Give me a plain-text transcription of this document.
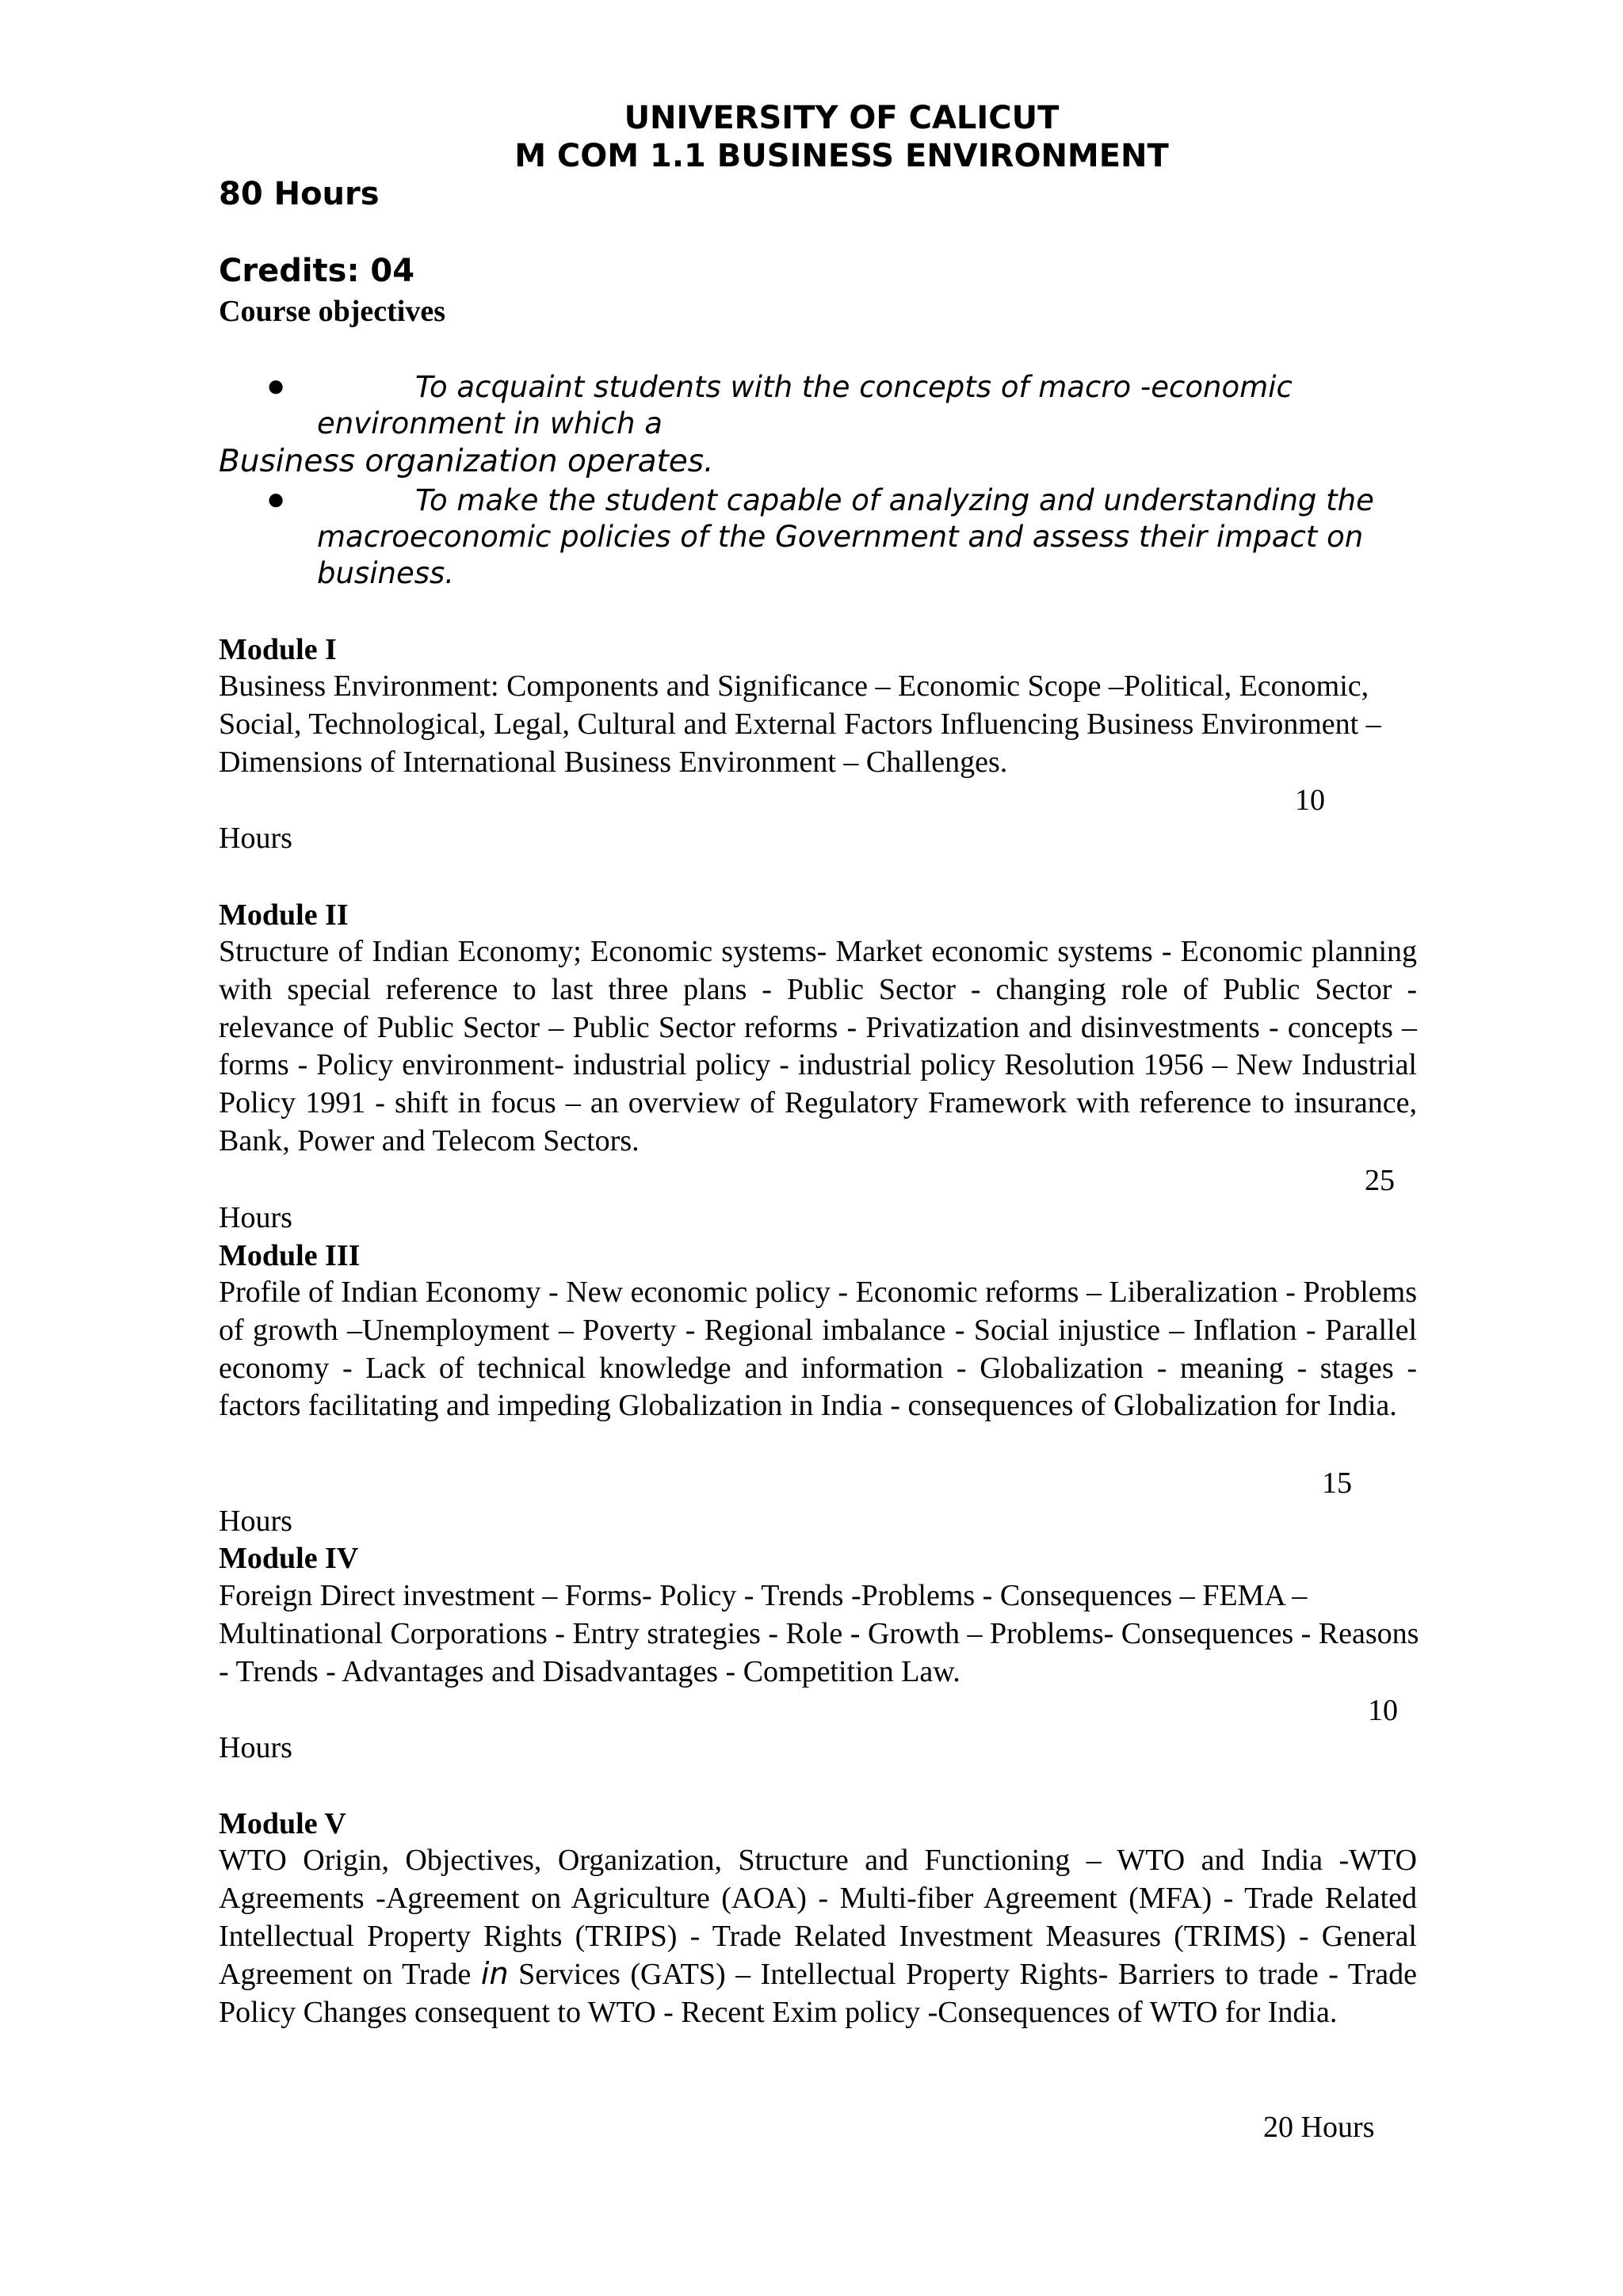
UNIVERSITY OF CALICUT
M COM 1.1 BUSINESS ENVIRONMENT
80 Hours
Credits: 04
Course objectives
●	To acquaint students with the concepts of macro -economic environment in which a
Business organization operates.
●	To make the student capable of analyzing and understanding the macroeconomic policies of the Government and assess their impact on business.
Module I
Business Environment: Components and Significance – Economic Scope –Political, Economic, Social, Technological, Legal, Cultural and External Factors Influencing Business Environment – Dimensions of International Business Environment – Challenges.
10
Hours
Module II
Structure of Indian Economy; Economic systems- Market economic systems - Economic planning with special reference to last three plans - Public Sector - changing role of Public Sector - relevance of Public Sector – Public Sector reforms - Privatization and disinvestments - concepts – forms - Policy environment- industrial policy - industrial policy Resolution 1956 – New Industrial Policy 1991 - shift in focus – an overview of Regulatory Framework with reference to insurance, Bank, Power and Telecom Sectors.
25
Hours
Module III
Profile of Indian Economy - New economic policy - Economic reforms – Liberalization - Problems of growth –Unemployment – Poverty - Regional imbalance - Social injustice – Inflation - Parallel economy - Lack of technical knowledge and information - Globalization - meaning - stages - factors facilitating and impeding Globalization in India - consequences of Globalization for India.
15
Hours
Module IV
Foreign Direct investment – Forms- Policy - Trends -Problems - Consequences – FEMA – Multinational Corporations - Entry strategies - Role - Growth – Problems- Consequences - Reasons - Trends - Advantages and Disadvantages - Competition Law.
10
Hours
Module V
WTO Origin, Objectives, Organization, Structure and Functioning – WTO and India -WTO Agreements -Agreement on Agriculture (AOA) - Multi-fiber Agreement (MFA) - Trade Related Intellectual Property Rights (TRIPS) - Trade Related Investment Measures (TRIMS) - General Agreement on Trade in Services (GATS) – Intellectual Property Rights- Barriers to trade - Trade Policy Changes consequent to WTO - Recent Exim policy -Consequences of WTO for India.
20 Hours
